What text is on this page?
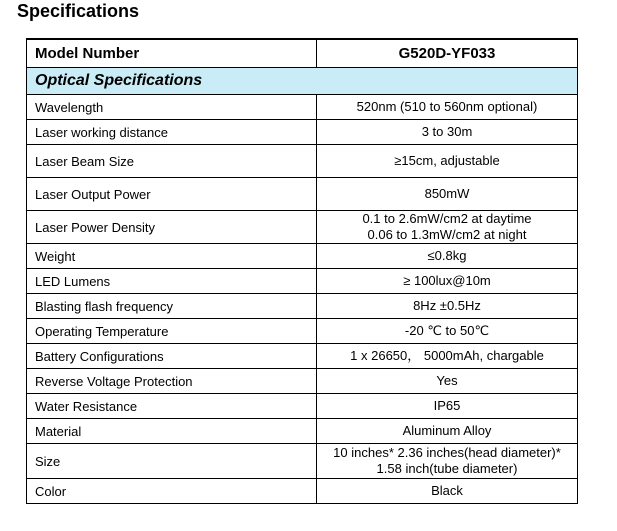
Specifications
Model Number	G520D-YF033
Optical Specifications	
Wavelength	520nm (510 to 560nm optional)

Laser working distance	3 to 30m

Laser Beam Size	≥15cm, adjustable

Laser Output Power	850mW

Laser Power Density	0.1 to 2.6mW/cm2 at daytime
0.06 to 1.3mW/cm2 at night

Weight	≤0.8kg

LED Lumens	≥ 100lux@10m

Blasting flash frequency	8Hz ±0.5Hz

Operating Temperature	-20 ℃ to 50℃

Battery Configurations	1 x 26650， 5000mAh, chargable

Reverse Voltage Protection	Yes

Water Resistance	IP65

Material	Aluminum Alloy

Size	10 inches* 2.36 inches(head diameter)*
1.58 inch(tube diameter)

Color	Black
